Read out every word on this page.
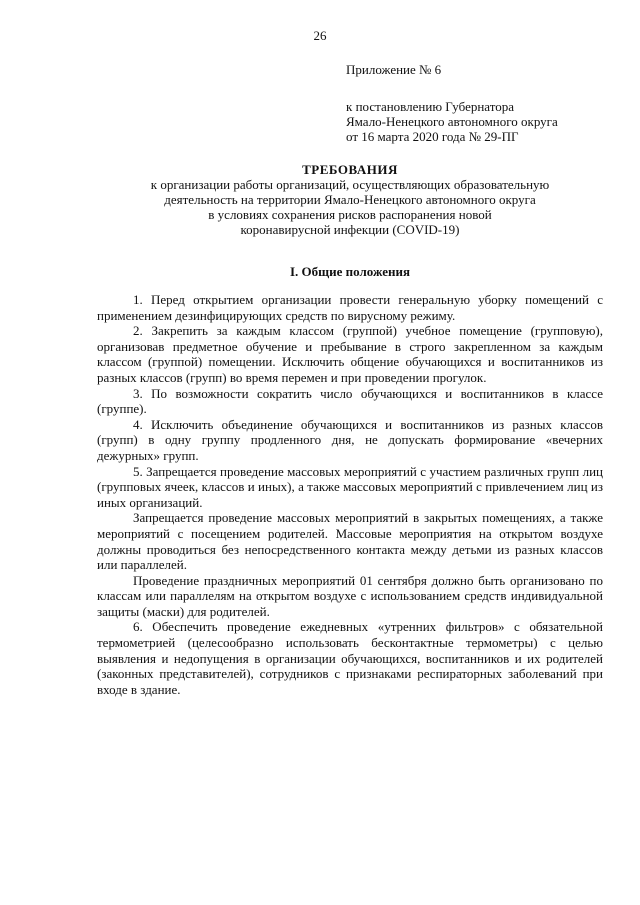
26

Приложение № 6

к постановлению Губернатора

Ямало-Ненецкого автономного округа

от 16 марта 2020 года № 29-ПГ

ТРЕБОВАНИЯ
к организации работы организаций, осуществляющих образовательную
деятельность на территории Ямало-Ненецкого автономного округа
в условиях сохранения рисков распоранения новой
коронавирусной инфекции (COVID-19)
I. Общие положения

1. Перед открытием организации провести генеральную уборку помещений с применением дезинфицирующих средств по вирусному режиму.

2. Закрепить за каждым классом (группой) учебное помещение (групповую), организовав предметное обучение и пребывание в строго закрепленном за каждым классом (группой) помещении. Исключить общение обучающихся и воспитанников из разных классов (групп) во время перемен и при проведении прогулок.

3. По возможности сократить число обучающихся и воспитанников в классе (группе).

4. Исключить объединение обучающихся и воспитанников из разных классов (групп) в одну группу продленного дня, не допускать формирование «вечерних дежурных» групп.

5. Запрещается проведение массовых мероприятий с участием различных групп лиц (групповых ячеек, классов и иных), а также массовых мероприятий с привлечением лиц из иных организаций.

Запрещается проведение массовых мероприятий в закрытых помещениях, а также мероприятий с посещением родителей. Массовые мероприятия на открытом воздухе должны проводиться без непосредственного контакта между детьми из разных классов или параллелей.

Проведение праздничных мероприятий 01 сентября должно быть организовано по классам или параллелям на открытом воздухе с использованием средств индивидуальной защиты (маски) для родителей.

6. Обеспечить проведение ежедневных «утренних фильтров» с обязательной термометрией (целесообразно использовать бесконтактные термометры) с целью выявления и недопущения в организации обучающихся, воспитанников и их родителей (законных представителей), сотрудников с признаками респираторных заболеваний при входе в здание.
